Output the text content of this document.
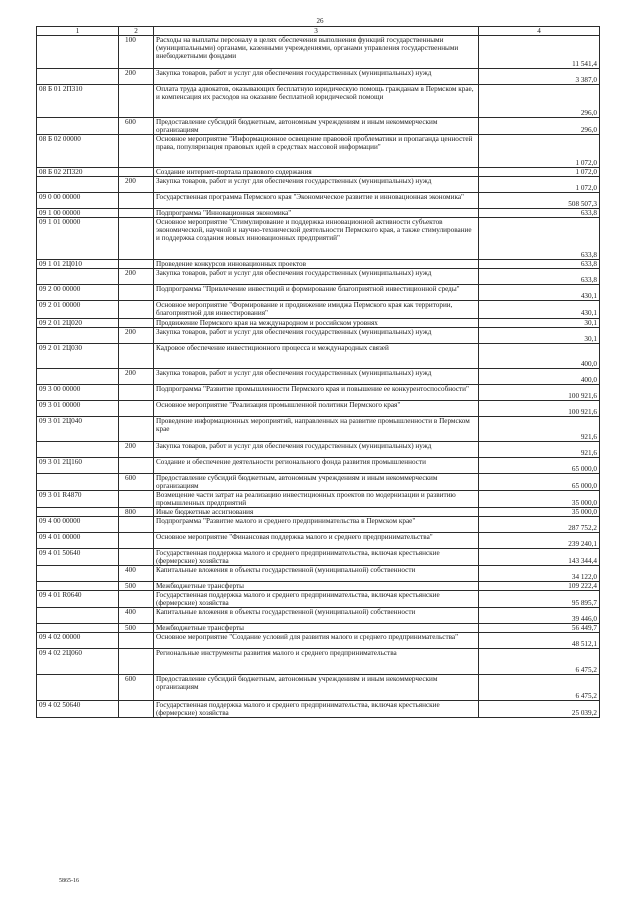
26
1	2	3	4
	100	Расходы на выплаты персоналу в целях обеспечения выполнения функций государственными (муниципальными) органами, казенными учреждениями, органами управления государственными внебюджетными фондами	11 541,4
	200	Закупка товаров, работ и услуг для обеспечения государственных (муниципальных) нужд	3 387,0
08 Б 01 2П310		Оплата труда адвокатов, оказывающих бесплатную юридическую помощь гражданам в Пермском крае, и компенсация их расходов на оказание бесплатной юридической помощи	296,0
	600	Предоставление субсидий бюджетным, автономным учреждениям и иным некоммерческим организациям	296,0
08 Б 02 00000		Основное мероприятие "Информационное освещение правовой проблематики и пропаганда ценностей права, популяризация правовых идей в средствах массовой информации"	1 072,0
08 Б 02 2П320		Создание интернет-портала правового содержания	1 072,0
	200	Закупка товаров, работ и услуг для обеспечения государственных (муниципальных) нужд	1 072,0
09 0 00 00000		Государственная программа Пермского края "Экономическое развитие и инновационная экономика"	508 507,3
09 1 00 00000		Подпрограмма "Инновационная экономика"	633,8
09 1 01 00000		Основное мероприятие "Стимулирование и поддержка инновационной активности субъектов экономической, научной и научно-технической деятельности Пермского края, а также стимулирование и поддержка создания новых инновационных предприятий"	633,8
09 1 01 2Ц010		Проведение конкурсов инновационных проектов	633,8
	200	Закупка товаров, работ и услуг для обеспечения государственных (муниципальных) нужд	633,8
09 2 00 00000		Подпрограмма "Привлечение инвестиций и формирование благоприятной инвестиционной среды"	430,1
09 2 01 00000		Основное мероприятие "Формирование и продвижение имиджа Пермского края как территории, благоприятной для инвестирования"	430,1
09 2 01 2Ц020		Продвижение Пермского края на международном и российском уровнях	30,1
	200	Закупка товаров, работ и услуг для обеспечения государственных (муниципальных) нужд	30,1
09 2 01 2Ц030		Кадровое обеспечение инвестиционного процесса и международных связей	400,0
	200	Закупка товаров, работ и услуг для обеспечения государственных (муниципальных) нужд	400,0
09 3 00 00000		Подпрограмма "Развитие промышленности Пермского края и повышение ее конкурентоспособности"	100 921,6
09 3 01 00000		Основное мероприятие "Реализация промышленной политики Пермского края"	100 921,6
09 3 01 2Ц040		Проведение информационных мероприятий, направленных на развитие промышленности в Пермском крае	921,6
	200	Закупка товаров, работ и услуг для обеспечения государственных (муниципальных) нужд	921,6
09 3 01 2Ц160		Создание и обеспечение деятельности регионального фонда развития промышленности	65 000,0
	600	Предоставление субсидий бюджетным, автономным учреждениям и иным некоммерческим организациям	65 000,0
09 3 01 R4870		Возмещение части затрат на реализацию инвестиционных проектов по модернизации и развитию промышленных предприятий	35 000,0
	800	Иные бюджетные ассигнования	35 000,0
09 4 00 00000		Подпрограмма "Развитие малого и среднего предпринимательства в Пермском крае"	287 752,2
09 4 01 00000		Основное мероприятие "Финансовая поддержка малого и среднего предпринимательства"	239 240,1
09 4 01 50640		Государственная поддержка малого и среднего предпринимательства, включая крестьянские (фермерские) хозяйства	143 344,4
	400	Капитальные вложения в объекты государственной (муниципальной) собственности	34 122,0
	500	Межбюджетные трансферты	109 222,4
09 4 01 R0640		Государственная поддержка малого и среднего предпринимательства, включая крестьянские (фермерские) хозяйства	95 895,7
	400	Капитальные вложения в объекты государственной (муниципальной) собственности	39 446,0
	500	Межбюджетные трансферты	56 449,7
09 4 02 00000		Основное мероприятие "Создание условий для развития малого и среднего предпринимательства"	48 512,1
09 4 02 2Ц060		Региональные инструменты развития малого и среднего предпринимательства	6 475,2
	600	Предоставление субсидий бюджетным, автономным учреждениям и иным некоммерческим организациям	6 475,2
09 4 02 50640		Государственная поддержка малого и среднего предпринимательства, включая крестьянские (фермерские) хозяйства	25 039,2
5865-16
